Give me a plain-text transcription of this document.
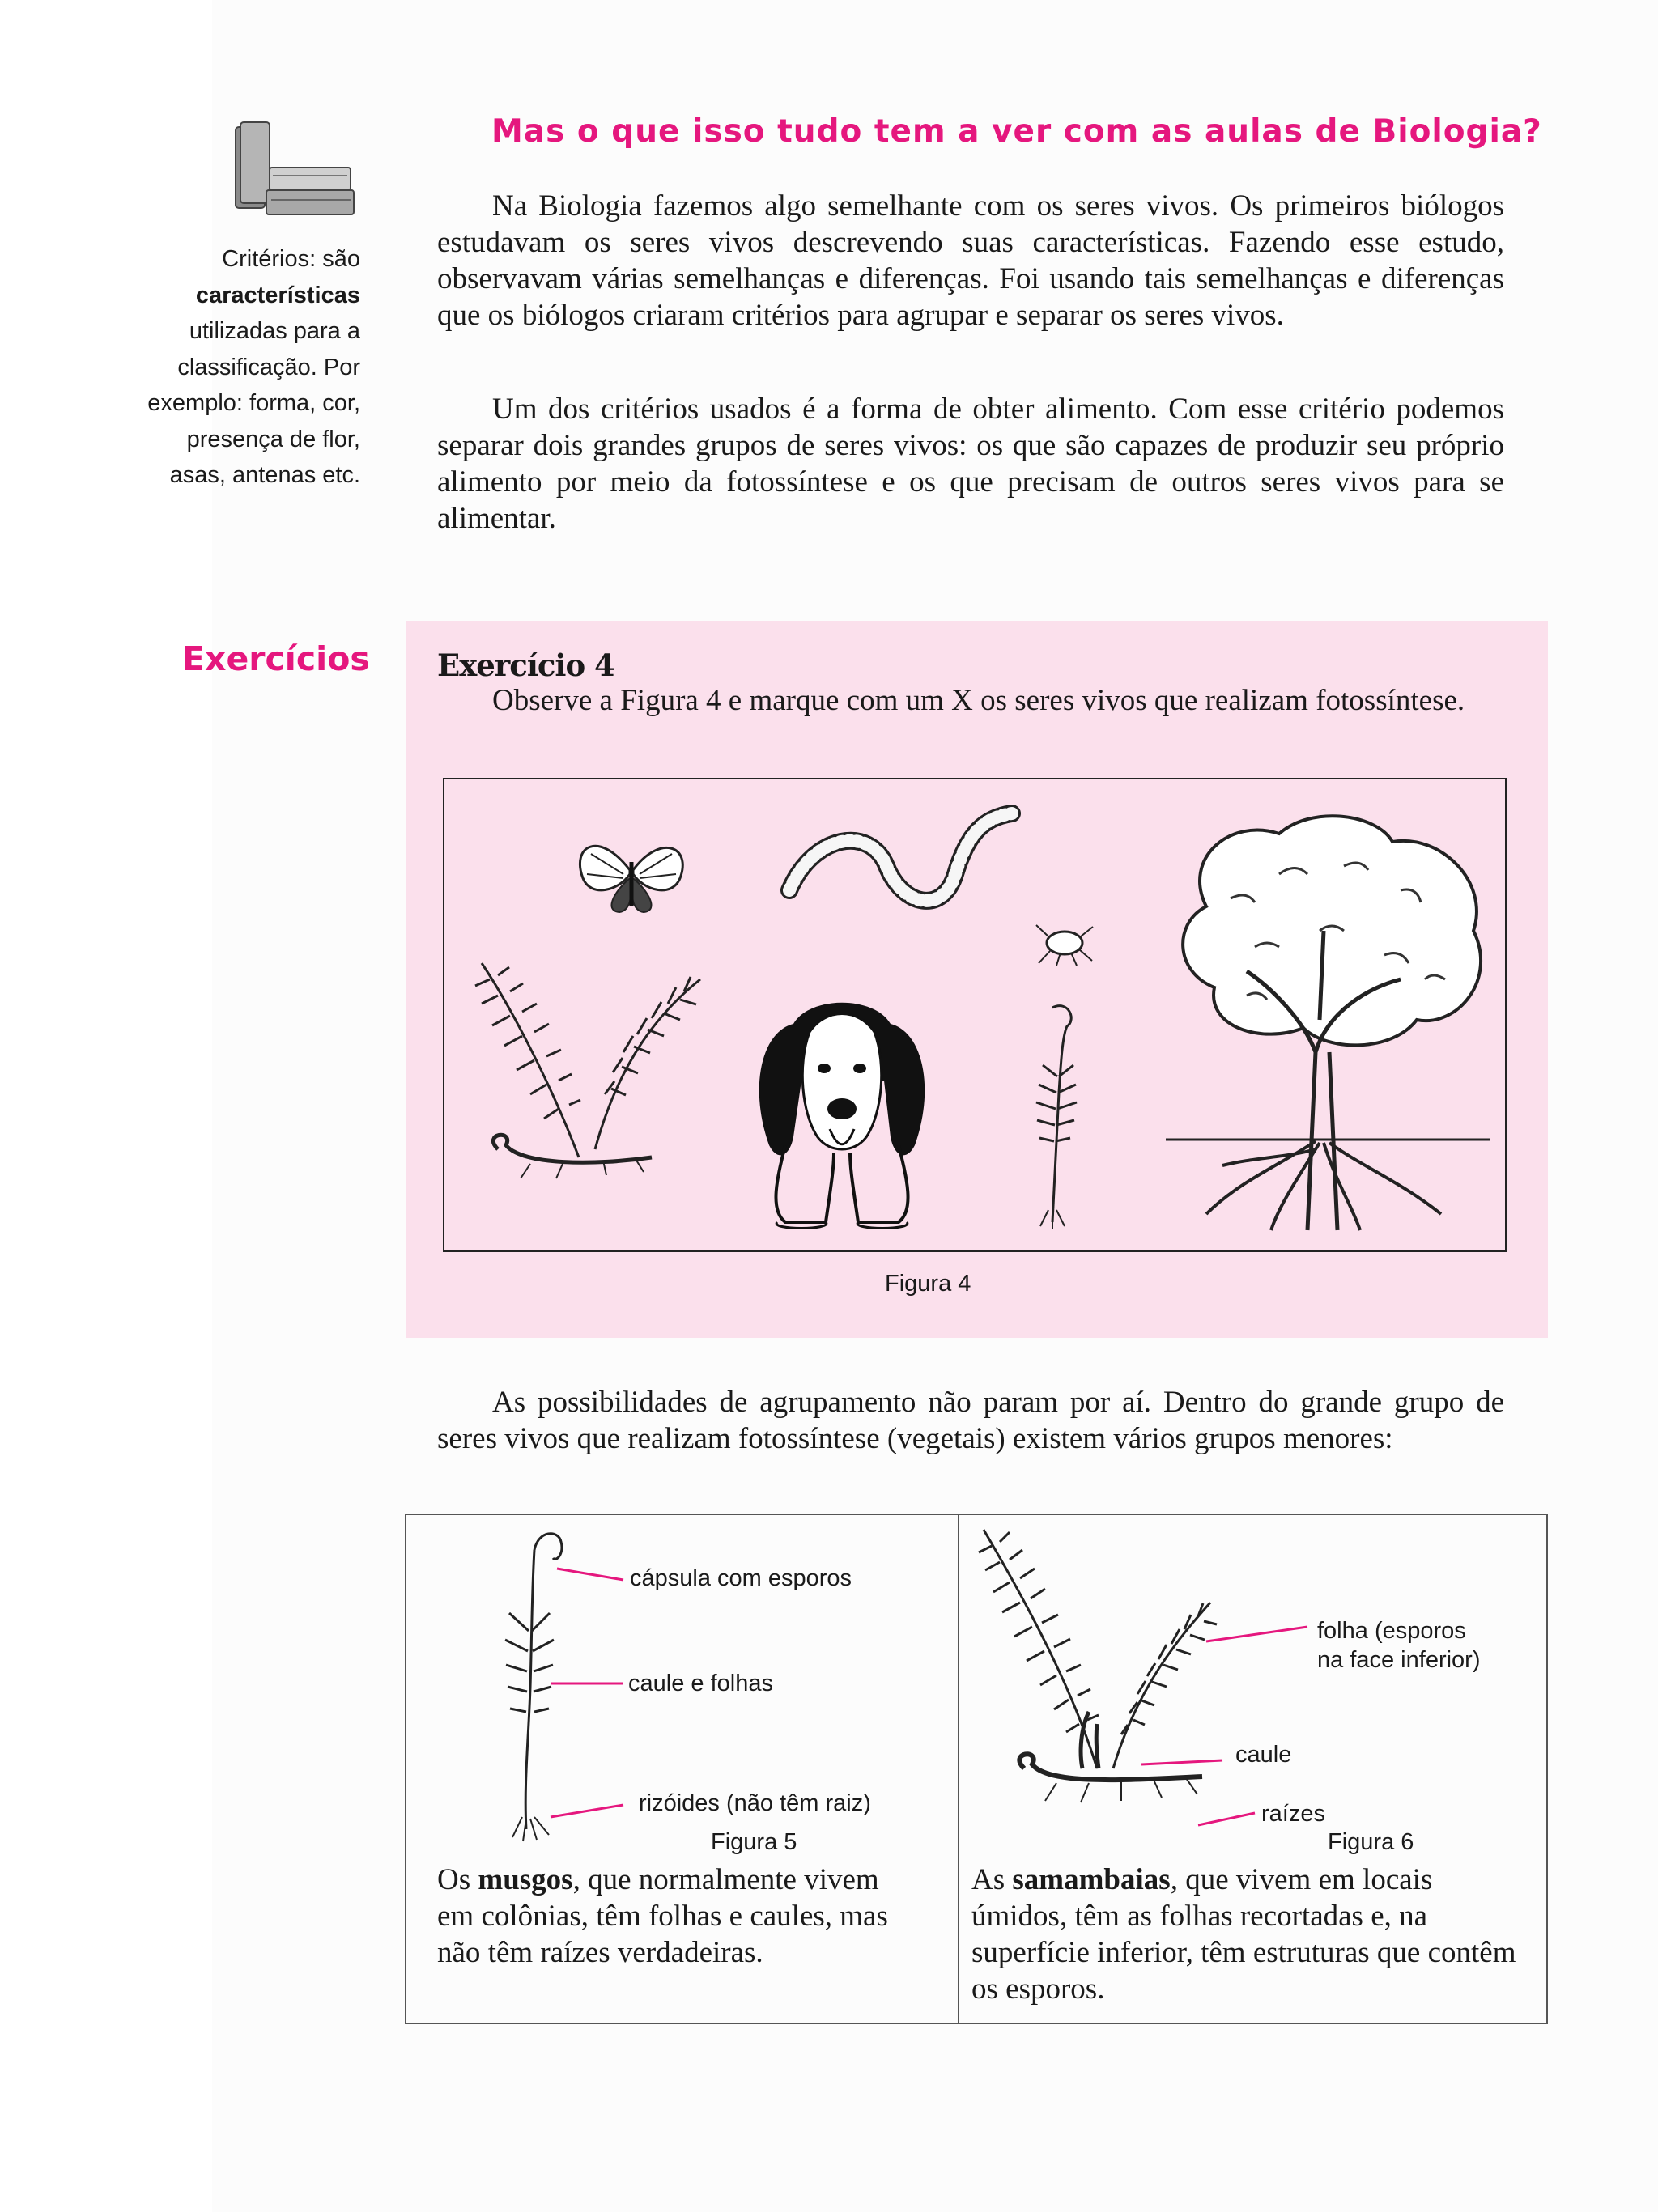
Critérios: são
características

utilizadas para a classificação. Por exemplo: forma, cor, presença de flor, asas, antenas etc.
Mas o que isso tudo tem a ver com as aulas de Biologia?

Na Biologia fazemos algo semelhante com os seres vivos. Os primeiros biólogos estudavam os seres vivos descrevendo suas características. Fazendo esse estudo, observavam várias semelhanças e diferenças. Foi usando tais semelhanças e diferenças que os biólogos criaram critérios para agrupar e separar os seres vivos.

Um dos critérios usados é a forma de obter alimento. Com esse critério podemos separar dois grandes grupos de seres vivos: os que são capazes de produzir seu próprio alimento por meio da fotossíntese e os que precisam de outros seres vivos para se alimentar.

Exercícios Exercício 4
Observe a Figura 4 e marque com um X os seres vivos que realizam fotossíntese.
Figura 4

As possibilidades de agrupamento não param por aí. Dentro do grande grupo de seres vivos que realizam fotossíntese (vegetais) existem vários grupos menores:

cápsula com esporos
caule e folhas
rizóides (não têm raiz)
Figura 5
Os musgos, que normalmente vivem em colônias, têm folhas e caules, mas não têm raízes verdadeiras.
folha (esporos
na face inferior)
caule
raízes
Figura 6
As samambaias, que vivem em locais úmidos, têm as folhas recortadas e, na superfície inferior, têm estruturas que contêm os esporos.
